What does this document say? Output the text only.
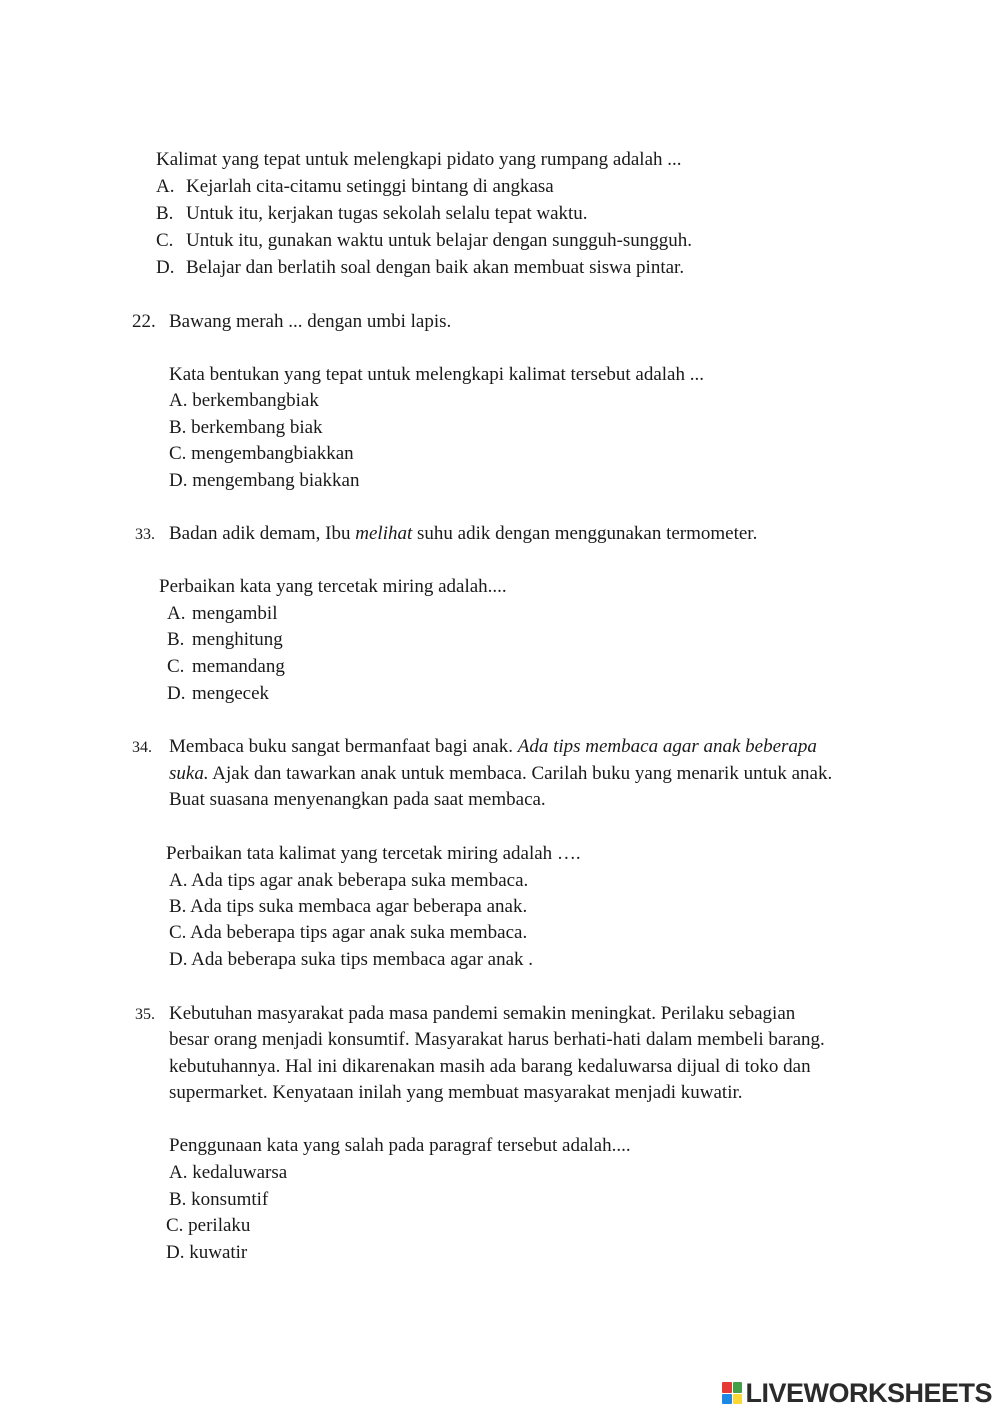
Kalimat yang tepat untuk melengkapi pidato yang rumpang adalah ...
A. Kejarlah cita-citamu setinggi bintang di angkasa
B. Untuk itu, kerjakan tugas sekolah selalu tepat waktu.
C. Untuk itu, gunakan waktu untuk belajar dengan sungguh-sungguh.
D. Belajar dan berlatih soal dengan baik akan membuat siswa pintar.
22. Bawang merah ... dengan umbi lapis.
Kata bentukan yang tepat untuk melengkapi kalimat tersebut adalah ...
A. berkembangbiak
B. berkembang biak
C. mengembangbiakkan
D. mengembang biakkan
33. Badan adik demam, Ibu melihat suhu adik dengan menggunakan termometer.
Perbaikan kata yang tercetak miring adalah....
A. mengambil
B. menghitung
C. memandang
D. mengecek
34. Membaca buku sangat bermanfaat bagi anak. Ada tips membaca agar anak beberapa
suka. Ajak dan tawarkan anak untuk membaca. Carilah buku yang menarik untuk anak.
Buat suasana menyenangkan pada saat membaca.
Perbaikan tata kalimat yang tercetak miring adalah ….
A. Ada tips agar anak beberapa suka membaca.
B. Ada tips suka membaca agar beberapa anak.
C. Ada beberapa tips agar anak suka membaca.
D. Ada beberapa suka tips membaca agar anak .
35. Kebutuhan masyarakat pada masa pandemi semakin meningkat. Perilaku sebagian
besar orang menjadi konsumtif. Masyarakat harus berhati-hati dalam membeli barang.
kebutuhannya. Hal ini dikarenakan masih ada barang kedaluwarsa dijual di toko dan
supermarket. Kenyataan inilah yang membuat masyarakat menjadi kuwatir.
Penggunaan kata yang salah pada paragraf tersebut adalah....
A. kedaluwarsa
B. konsumtif
C. perilaku
D. kuwatir
LIVEWORKSHEETS
